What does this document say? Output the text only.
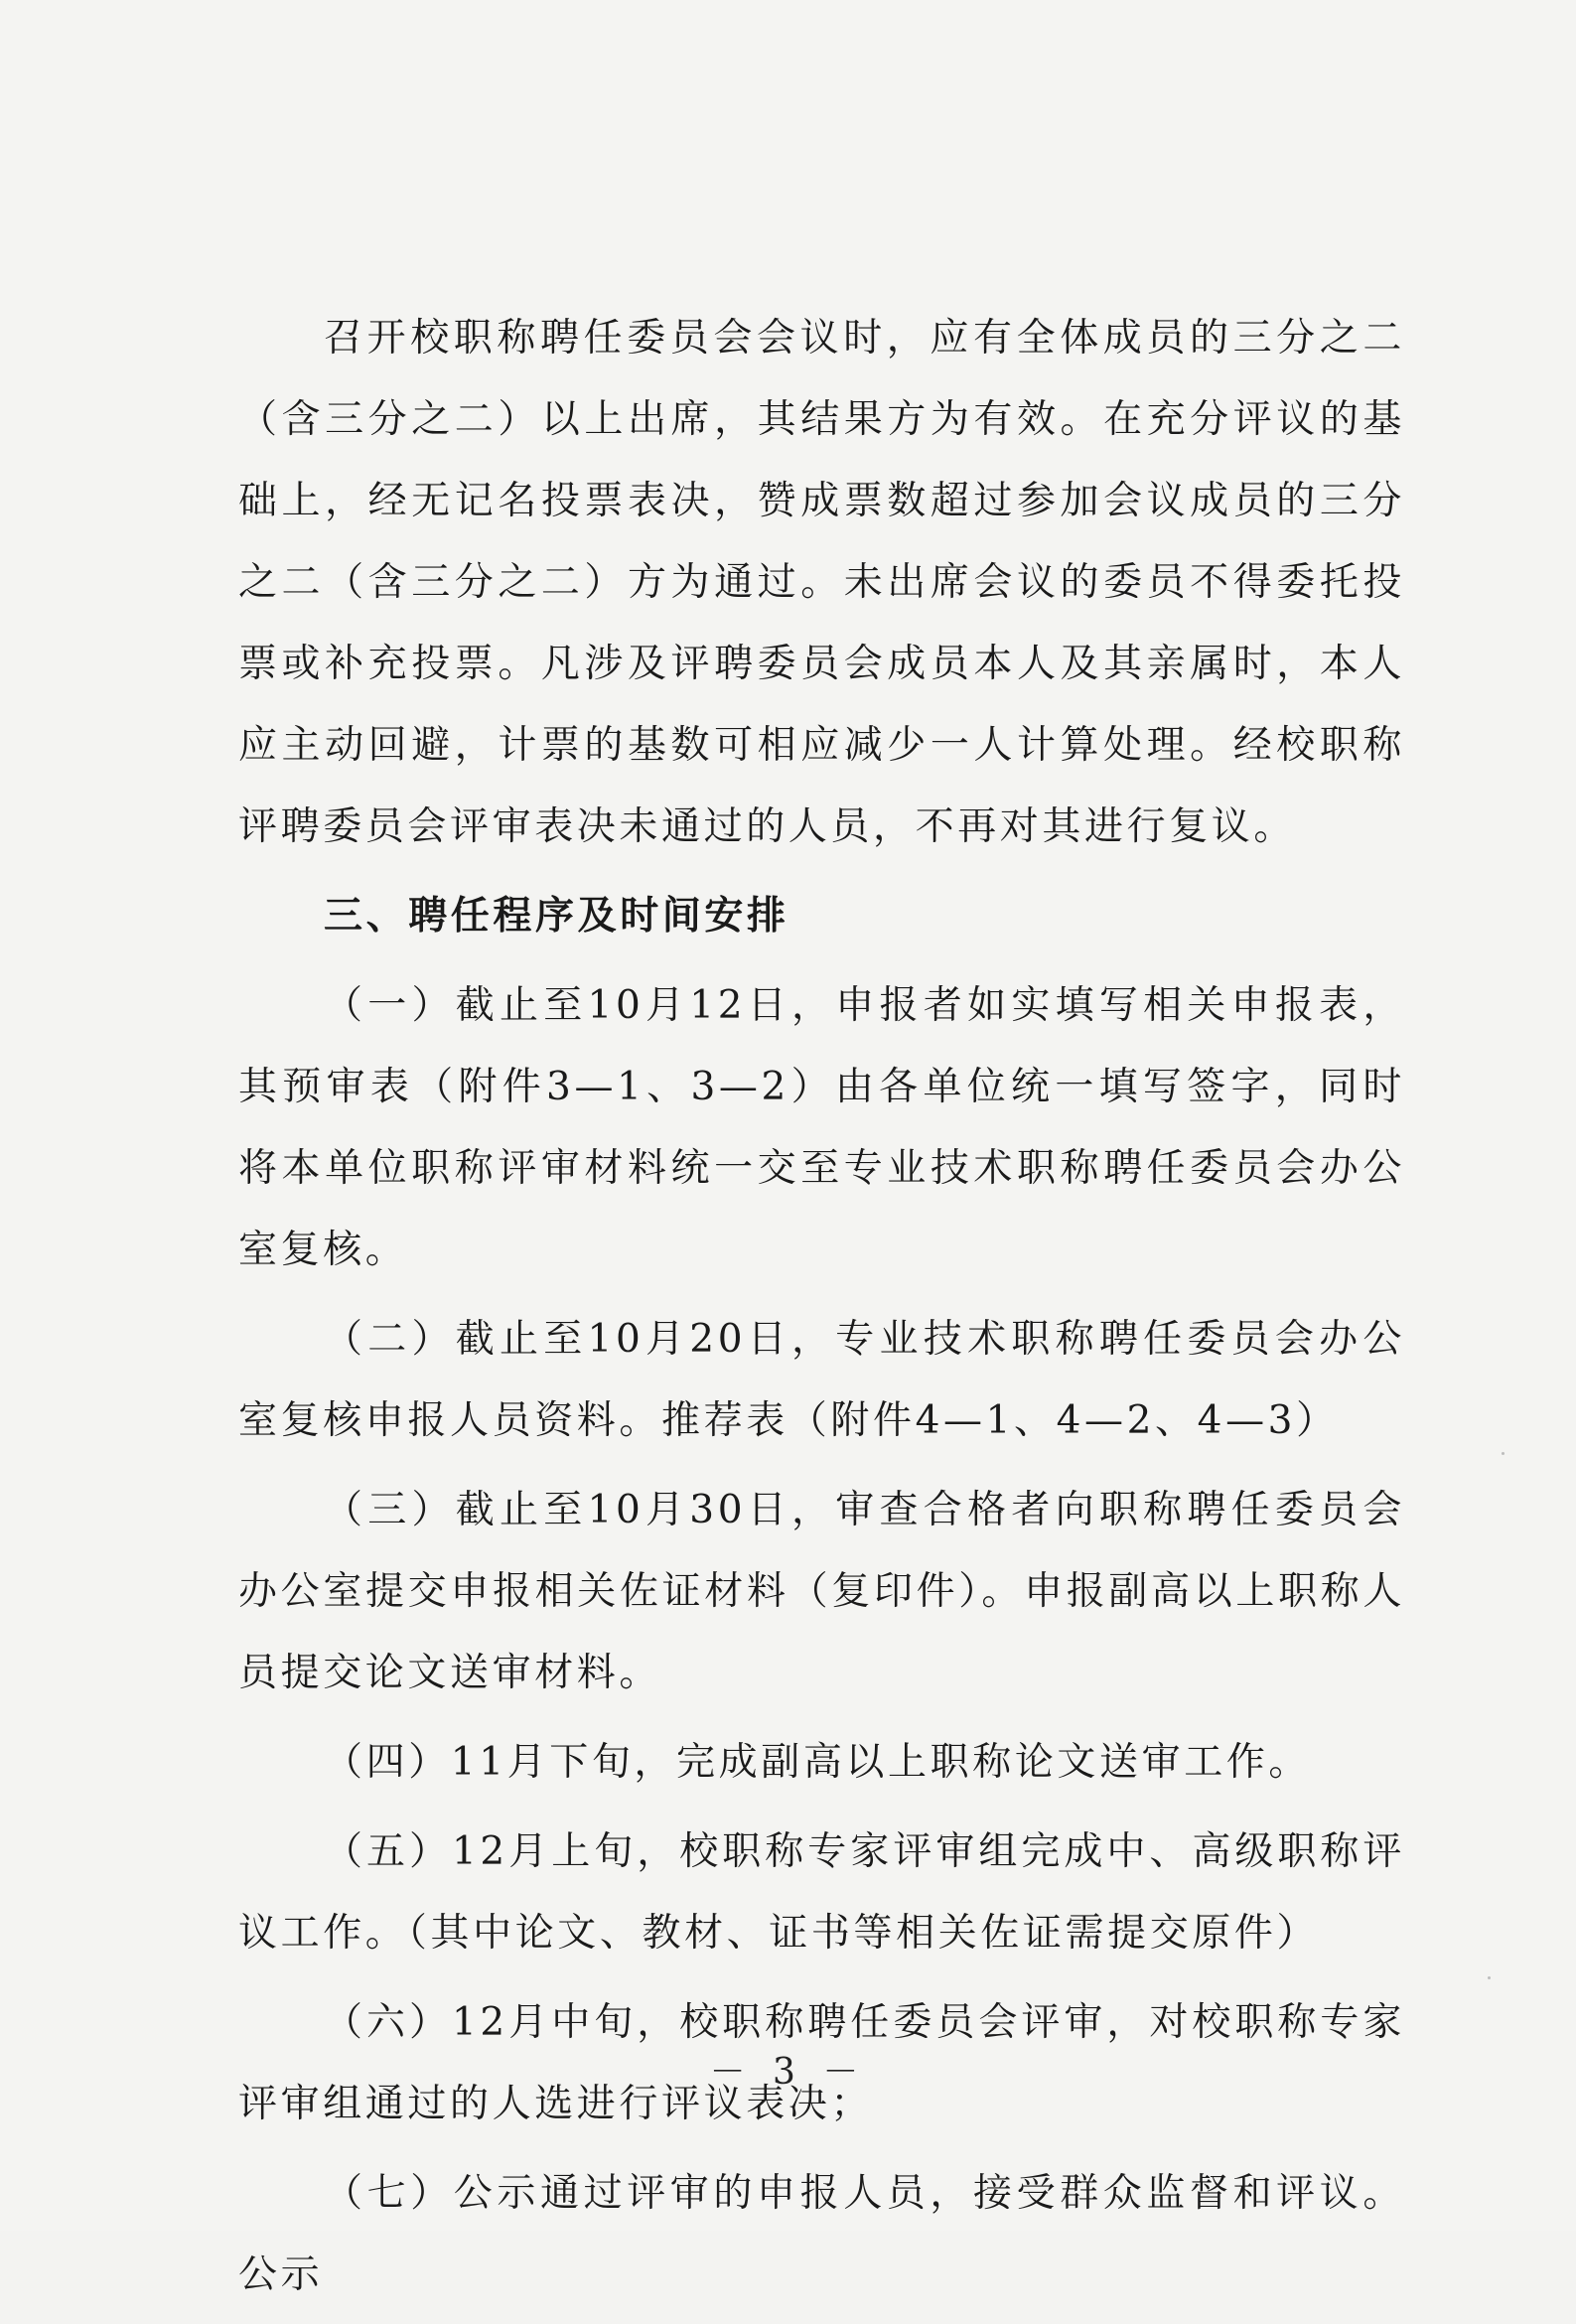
召开校职称聘任委员会会议时，应有全体成员的三分之二（含三分之二）以上出席，其结果方为有效。在充分评议的基础上，经无记名投票表决，赞成票数超过参加会议成员的三分之二（含三分之二）方为通过。未出席会议的委员不得委托投票或补充投票。凡涉及评聘委员会成员本人及其亲属时，本人应主动回避，计票的基数可相应减少一人计算处理。经校职称评聘委员会评审表决未通过的人员，不再对其进行复议。

三、聘任程序及时间安排

（一）截止至10月12日，申报者如实填写相关申报表，其预审表（附件3—1、3—2）由各单位统一填写签字，同时将本单位职称评审材料统一交至专业技术职称聘任委员会办公室复核。

（二）截止至10月20日，专业技术职称聘任委员会办公室复核申报人员资料。推荐表（附件4—1、4—2、4—3）

（三）截止至10月30日，审查合格者向职称聘任委员会办公室提交申报相关佐证材料（复印件）。申报副高以上职称人员提交论文送审材料。

（四）11月下旬，完成副高以上职称论文送审工作。

（五）12月上旬，校职称专家评审组完成中、高级职称评议工作。（其中论文、教材、证书等相关佐证需提交原件）

（六）12月中旬，校职称聘任委员会评审，对校职称专家评审组通过的人选进行评议表决；

（七）公示通过评审的申报人员，接受群众监督和评议。公示

－ 3 －
